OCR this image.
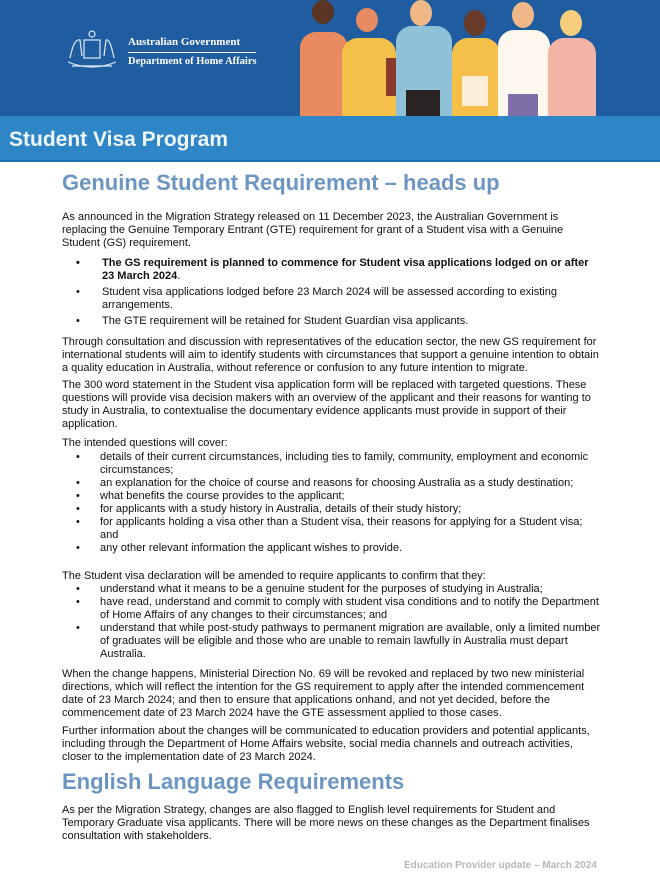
Australian Government
Department of Home Affairs
Student Visa Program
Genuine Student Requirement – heads up
As announced in the Migration Strategy released on 11 December 2023, the Australian Government is replacing the Genuine Temporary Entrant (GTE) requirement for grant of a Student visa with a Genuine Student (GS) requirement.
• The GS requirement is planned to commence for Student visa applications lodged on or after 23 March 2024.
• Student visa applications lodged before 23 March 2024 will be assessed according to existing arrangements.
• The GTE requirement will be retained for Student Guardian visa applicants.
Through consultation and discussion with representatives of the education sector, the new GS requirement for international students will aim to identify students with circumstances that support a genuine intention to obtain a quality education in Australia, without reference or confusion to any future intention to migrate.
The 300 word statement in the Student visa application form will be replaced with targeted questions. These questions will provide visa decision makers with an overview of the applicant and their reasons for wanting to study in Australia, to contextualise the documentary evidence applicants must provide in support of their application.
The intended questions will cover:
• details of their current circumstances, including ties to family, community, employment and economic circumstances;
• an explanation for the choice of course and reasons for choosing Australia as a study destination;
• what benefits the course provides to the applicant;
• for applicants with a study history in Australia, details of their study history;
• for applicants holding a visa other than a Student visa, their reasons for applying for a Student visa; and
• any other relevant information the applicant wishes to provide.
The Student visa declaration will be amended to require applicants to confirm that they:
• understand what it means to be a genuine student for the purposes of studying in Australia;
• have read, understand and commit to comply with student visa conditions and to notify the Department of Home Affairs of any changes to their circumstances; and
• understand that while post-study pathways to permanent migration are available, only a limited number of graduates will be eligible and those who are unable to remain lawfully in Australia must depart Australia.
When the change happens, Ministerial Direction No. 69 will be revoked and replaced by two new ministerial directions, which will reflect the intention for the GS requirement to apply after the intended commencement date of 23 March 2024; and then to ensure that applications onhand, and not yet decided, before the commencement date of 23 March 2024 have the GTE assessment applied to those cases.
Further information about the changes will be communicated to education providers and potential applicants, including through the Department of Home Affairs website, social media channels and outreach activities, closer to the implementation date of 23 March 2024.
English Language Requirements
As per the Migration Strategy, changes are also flagged to English level requirements for Student and Temporary Graduate visa applicants. There will be more news on these changes as the Department finalises consultation with stakeholders.
Education Provider update – March 2024
